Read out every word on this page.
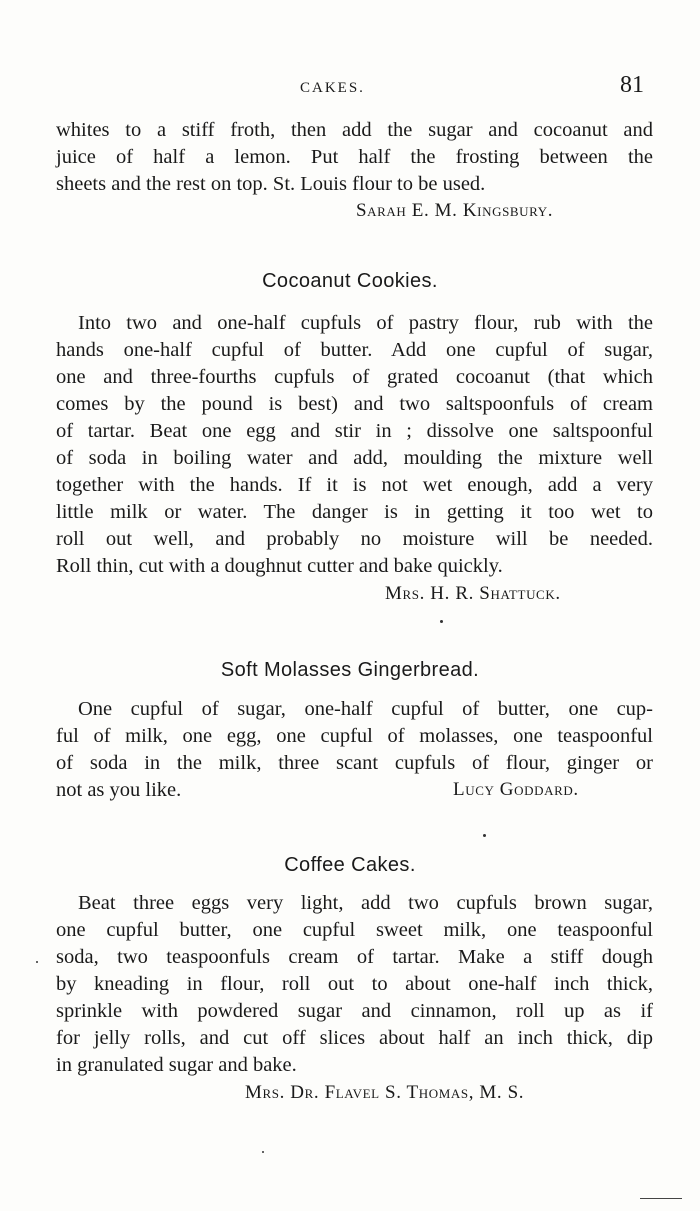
CAKES.	81
whites to a stiff froth, then add the sugar and cocoanut and
juice of half a lemon. Put half the frosting between the
sheets and the rest on top. St. Louis flour to be used.
Sarah E. M. Kingsbury.
Cocoanut Cookies.
Into two and one-half cupfuls of pastry flour, rub with the
hands one-half cupful of butter. Add one cupful of sugar,
one and three-fourths cupfuls of grated cocoanut (that which
comes by the pound is best) and two saltspoonfuls of cream
of tartar. Beat one egg and stir in ; dissolve one saltspoonful
of soda in boiling water and add, moulding the mixture well
together with the hands. If it is not wet enough, add a very
little milk or water. The danger is in getting it too wet to
roll out well, and probably no moisture will be needed.
Roll thin, cut with a doughnut cutter and bake quickly.
Mrs. H. R. Shattuck.
Soft Molasses Gingerbread.
One cupful of sugar, one-half cupful of butter, one cup-
ful of milk, one egg, one cupful of molasses, one teaspoonful
of soda in the milk, three scant cupfuls of flour, ginger or
not as you like.	Lucy Goddard.
Coffee Cakes.
Beat three eggs very light, add two cupfuls brown sugar,
one cupful butter, one cupful sweet milk, one teaspoonful
soda, two teaspoonfuls cream of tartar. Make a stiff dough
by kneading in flour, roll out to about one-half inch thick,
sprinkle with powdered sugar and cinnamon, roll up as if
for jelly rolls, and cut off slices about half an inch thick, dip
in granulated sugar and bake.
Mrs. Dr. Flavel S. Thomas, M. S.
